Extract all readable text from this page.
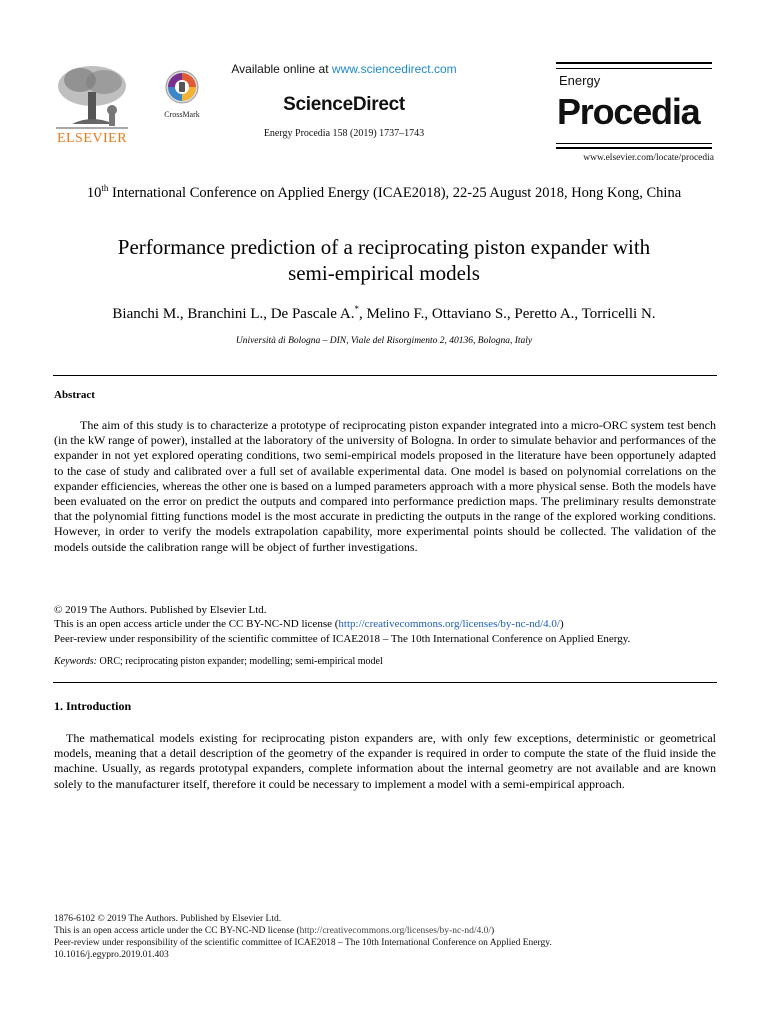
ELSEVIER
CrossMark
Available online at www.sciencedirect.com
ScienceDirect
Energy Procedia 158 (2019) 1737–1743
Energy
Procedia
www.elsevier.com/locate/procedia
10th International Conference on Applied Energy (ICAE2018), 22-25 August 2018, Hong Kong, China
Performance prediction of a reciprocating piston expander with
semi-empirical models
Bianchi M., Branchini L., De Pascale A.*, Melino F., Ottaviano S., Peretto A., Torricelli N.
Università di Bologna – DIN, Viale del Risorgimento 2, 40136, Bologna, Italy
Abstract
The aim of this study is to characterize a prototype of reciprocating piston expander integrated into a micro-ORC system test bench (in the kW range of power), installed at the laboratory of the university of Bologna. In order to simulate behavior and performances of the expander in not yet explored operating conditions, two semi-empirical models proposed in the literature have been opportunely adapted to the case of study and calibrated over a full set of available experimental data. One model is based on polynomial correlations on the expander efficiencies, whereas the other one is based on a lumped parameters approach with a more physical sense. Both the models have been evaluated on the error on predict the outputs and compared into performance prediction maps. The preliminary results demonstrate that the polynomial fitting functions model is the most accurate in predicting the outputs in the range of the explored working conditions. However, in order to verify the models extrapolation capability, more experimental points should be collected. The validation of the models outside the calibration range will be object of further investigations.
© 2019 The Authors. Published by Elsevier Ltd.
This is an open access article under the CC BY-NC-ND license (http://creativecommons.org/licenses/by-nc-nd/4.0/)
Peer-review under responsibility of the scientific committee of ICAE2018 – The 10th International Conference on Applied Energy.
Keywords: ORC; reciprocating piston expander; modelling; semi-empirical model
1. Introduction
The mathematical models existing for reciprocating piston expanders are, with only few exceptions, deterministic or geometrical models, meaning that a detail description of the geometry of the expander is required in order to compute the state of the fluid inside the machine. Usually, as regards prototypal expanders, complete information about the internal geometry are not available and are known solely to the manufacturer itself, therefore it could be necessary to implement a model with a semi-empirical approach.
1876-6102 © 2019 The Authors. Published by Elsevier Ltd.
This is an open access article under the CC BY-NC-ND license (http://creativecommons.org/licenses/by-nc-nd/4.0/)
Peer-review under responsibility of the scientific committee of ICAE2018 – The 10th International Conference on Applied Energy.
10.1016/j.egypro.2019.01.403
